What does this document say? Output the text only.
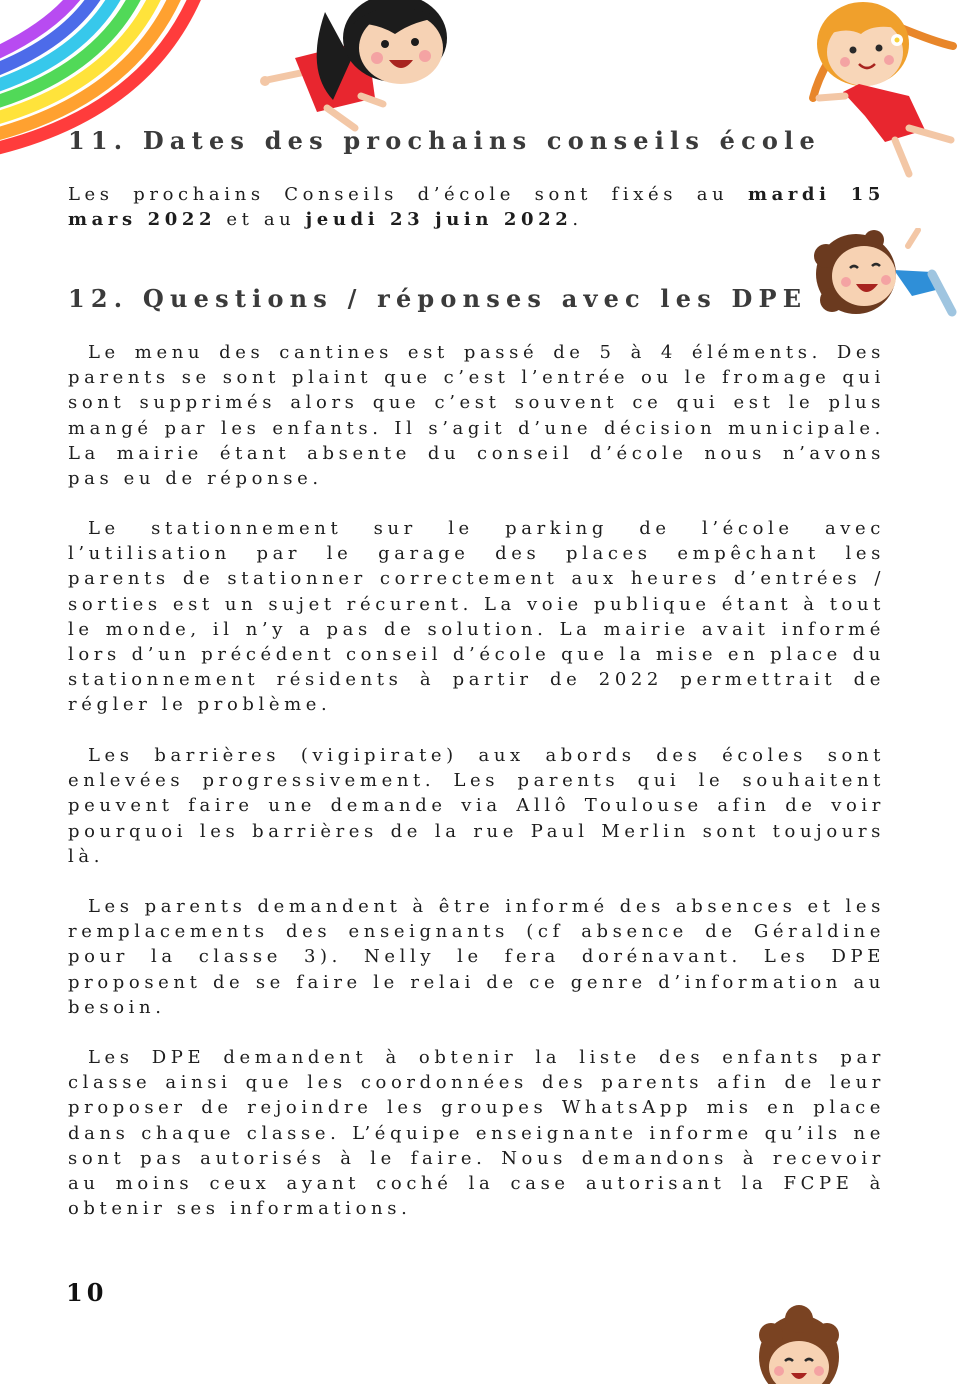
11. Dates des prochains conseils école

Les prochains Conseils d’école sont fixés au mardi 15 mars 2022 et au jeudi 23 juin 2022.

12. Questions / réponses avec les DPE

Le menu des cantines est passé de 5 à 4 éléments. Des parents se sont plaint que c’est l’entrée ou le fromage qui sont supprimés alors que c’est souvent ce qui est le plus mangé par les enfants. Il s’agit d’une décision municipale. La mairie étant absente du conseil d’école nous n’avons pas eu de réponse.

Le stationnement sur le parking de l’école avec l’utilisation par le garage des places empêchant les parents de stationner correctement aux heures d’entrées / sorties est un sujet récurent. La voie publique étant à tout le monde, il n’y a pas de solution. La mairie avait informé lors d’un précédent conseil d’école que la mise en place du stationnement résidents à partir de 2022 permettrait de régler le problème.

Les barrières (vigipirate) aux abords des écoles sont enlevées progressivement. Les parents qui le souhaitent peuvent faire une demande via Allô Toulouse afin de voir pourquoi les barrières de la rue Paul Merlin sont toujours là.

Les parents demandent à être informé des absences et les remplacements des enseignants (cf absence de Géraldine pour la classe 3). Nelly le fera dorénavant. Les DPE proposent de se faire le relai de ce genre d’information au besoin.

Les DPE demandent à obtenir la liste des enfants par classe ainsi que les coordonnées des parents afin de leur proposer de rejoindre les groupes WhatsApp mis en place dans chaque classe. L’équipe enseignante informe qu’ils ne sont pas autorisés à le faire. Nous demandons à recevoir au moins ceux ayant coché la case autorisant la FCPE à obtenir ses informations.

10
